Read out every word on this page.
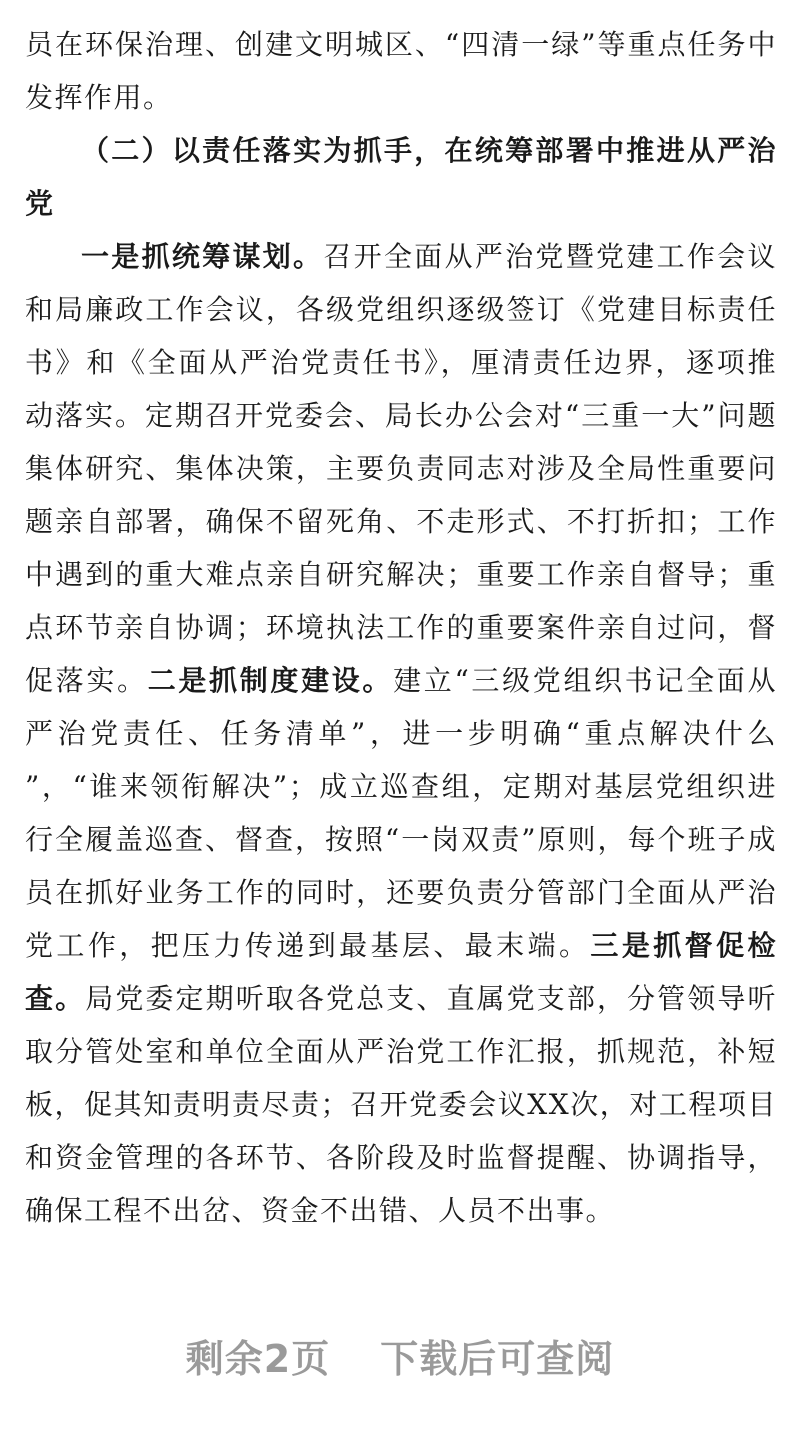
员在环保治理、创建文明城区、“四清一绿”等重点任务中发挥作用。

（二）以责任落实为抓手，在统筹部署中推进从严治党

一是抓统筹谋划。召开全面从严治党暨党建工作会议和局廉政工作会议，各级党组织逐级签订《党建目标责任书》和《全面从严治党责任书》，厘清责任边界，逐项推动落实。定期召开党委会、局长办公会对“三重一大”问题集体研究、集体决策，主要负责同志对涉及全局性重要问题亲自部署，确保不留死角、不走形式、不打折扣；工作中遇到的重大难点亲自研究解决；重要工作亲自督导；重点环节亲自协调；环境执法工作的重要案件亲自过问，督促落实。二是抓制度建设。建立“三级党组织书记全面从严治党责任、任务清单”，进一步明确“重点解决什么 ”，“谁来领衔解决”；成立巡查组，定期对基层党组织进行全履盖巡查、督查，按照“一岗双责”原则，每个班子成员在抓好业务工作的同时，还要负责分管部门全面从严治党工作，把压力传递到最基层、最末端。三是抓督促检查。局党委定期听取各党总支、直属党支部，分管领导听取分管处室和单位全面从严治党工作汇报，抓规范，补短板，促其知责明责尽责；召开党委会议XX次，对工程项目和资金管理的各环节、各阶段及时监督提醒、协调指导，确保工程不出岔、资金不出错、人员不出事。

剩余2页 下载后可查阅
